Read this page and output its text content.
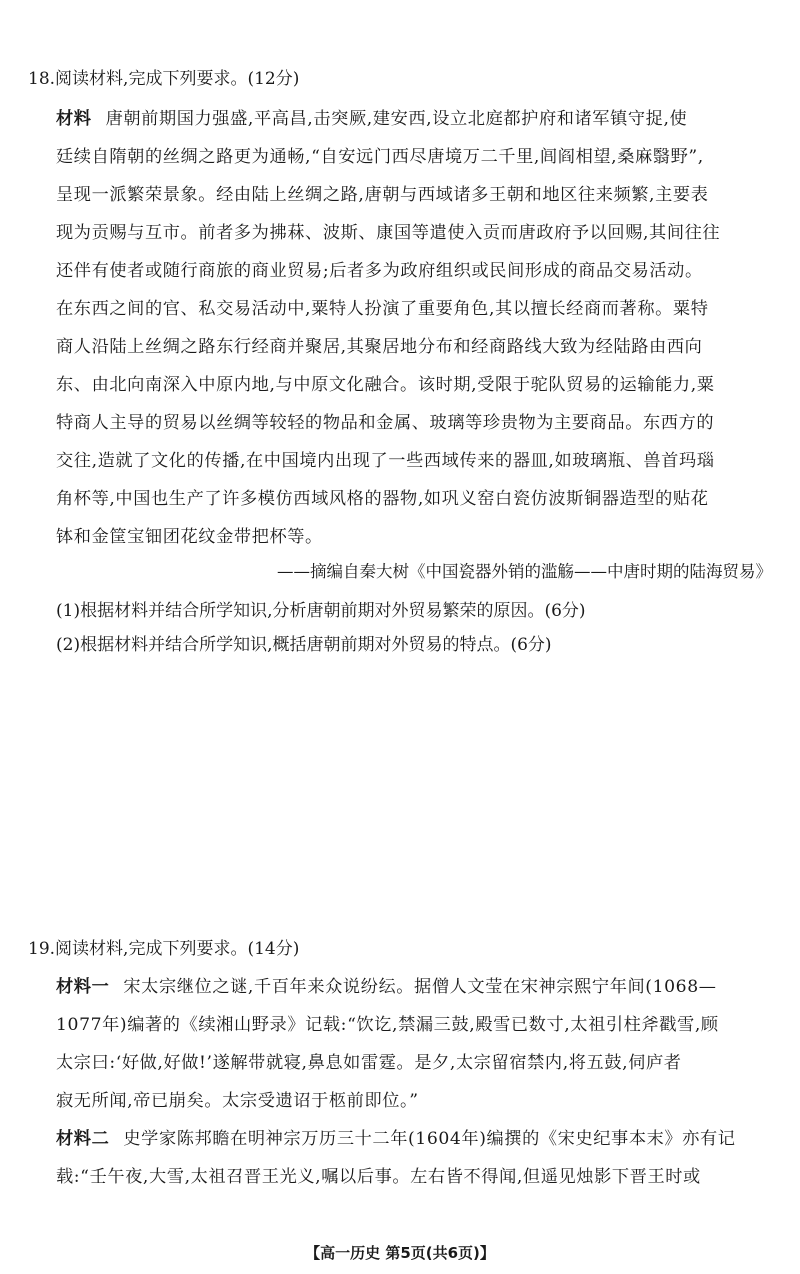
18.阅读材料,完成下列要求。(12分)
材料 唐朝前期国力强盛,平高昌,击突厥,建安西,设立北庭都护府和诸军镇守捉,使
廷续自隋朝的丝绸之路更为通畅,“自安远门西尽唐境万二千里,闾阎相望,桑麻翳野”,
呈现一派繁荣景象。经由陆上丝绸之路,唐朝与西域诸多王朝和地区往来频繁,主要表
现为贡赐与互市。前者多为拂菻、波斯、康国等遣使入贡而唐政府予以回赐,其间往往
还伴有使者或随行商旅的商业贸易;后者多为政府组织或民间形成的商品交易活动。
在东西之间的官、私交易活动中,粟特人扮演了重要角色,其以擅长经商而著称。粟特
商人沿陆上丝绸之路东行经商并聚居,其聚居地分布和经商路线大致为经陆路由西向
东、由北向南深入中原内地,与中原文化融合。该时期,受限于驼队贸易的运输能力,粟
特商人主导的贸易以丝绸等较轻的物品和金属、玻璃等珍贵物为主要商品。东西方的
交往,造就了文化的传播,在中国境内出现了一些西域传来的器皿,如玻璃瓶、兽首玛瑙
角杯等,中国也生产了许多模仿西域风格的器物,如巩义窑白瓷仿波斯铜器造型的贴花
钵和金筐宝钿团花纹金带把杯等。
——摘编自秦大树《中国瓷器外销的滥觞——中唐时期的陆海贸易》
(1)根据材料并结合所学知识,分析唐朝前期对外贸易繁荣的原因。(6分)
(2)根据材料并结合所学知识,概括唐朝前期对外贸易的特点。(6分)
19.阅读材料,完成下列要求。(14分)
材料一 宋太宗继位之谜,千百年来众说纷纭。据僧人文莹在宋神宗熙宁年间(1068—
1077年)编著的《续湘山野录》记载:“饮讫,禁漏三鼓,殿雪已数寸,太祖引柱斧戳雪,顾
太宗曰:‘好做,好做!’遂解带就寝,鼻息如雷霆。是夕,太宗留宿禁内,将五鼓,伺庐者
寂无所闻,帝已崩矣。太宗受遗诏于柩前即位。”
材料二 史学家陈邦瞻在明神宗万历三十二年(1604年)编撰的《宋史纪事本末》亦有记
载:“壬午夜,大雪,太祖召晋王光义,嘱以后事。左右皆不得闻,但遥见烛影下晋王时或
【高一历史 第5页(共6页)】
